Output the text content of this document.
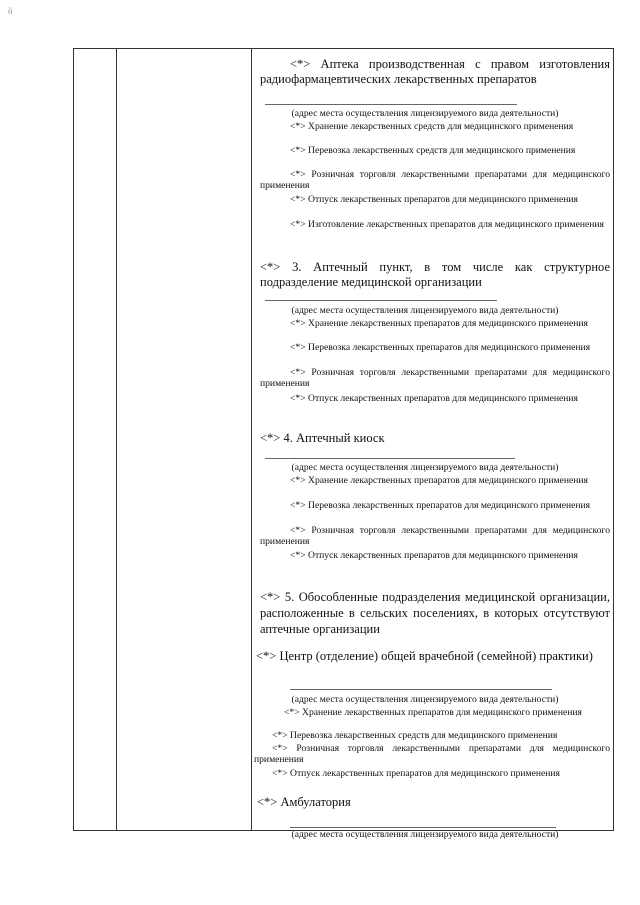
ö
<*> Аптека производственная с правом изготовления радиофармацевтических лекарственных препаратов
(адрес места осуществления лицензируемого вида деятельности)
<*> Хранение лекарственных средств для медицинского применения
<*> Перевозка лекарственных средств для медицинского применения
<*> Розничная торговля лекарственными препаратами для медицинского применения
<*> Отпуск лекарственных препаратов для медицинского применения
<*> Изготовление лекарственных препаратов для медицинского применения
<*> 3. Аптечный пункт, в том числе как структурное подразделение медицинской организации
(адрес места осуществления лицензируемого вида деятельности)
<*> Хранение лекарственных препаратов для медицинского применения
<*> Перевозка лекарственных препаратов для медицинского применения
<*> Розничная торговля лекарственными препаратами для медицинского применения
<*> Отпуск лекарственных препаратов для медицинского применения
<*> 4. Аптечный киоск
(адрес места осуществления лицензируемого вида деятельности)
<*> Хранение лекарственных препаратов для медицинского применения
<*> Перевозка лекарственных препаратов для медицинского применения
<*> Розничная торговля лекарственными препаратами для медицинского применения
<*> Отпуск лекарственных препаратов для медицинского применения
<*> 5. Обособленные подразделения медицинской организации, расположенные в сельских поселениях, в которых отсутствуют аптечные организации
<*> Центр (отделение) общей врачебной (семейной) практики)
(адрес места осуществления лицензируемого вида деятельности)
<*> Хранение лекарственных препаратов для медицинского применения
<*> Перевозка лекарственных средств для медицинского применения
<*> Розничная торговля лекарственными препаратами для медицинского применения
<*> Отпуск лекарственных препаратов для медицинского применения
<*> Амбулатория
(адрес места осуществления лицензируемого вида деятельности)
